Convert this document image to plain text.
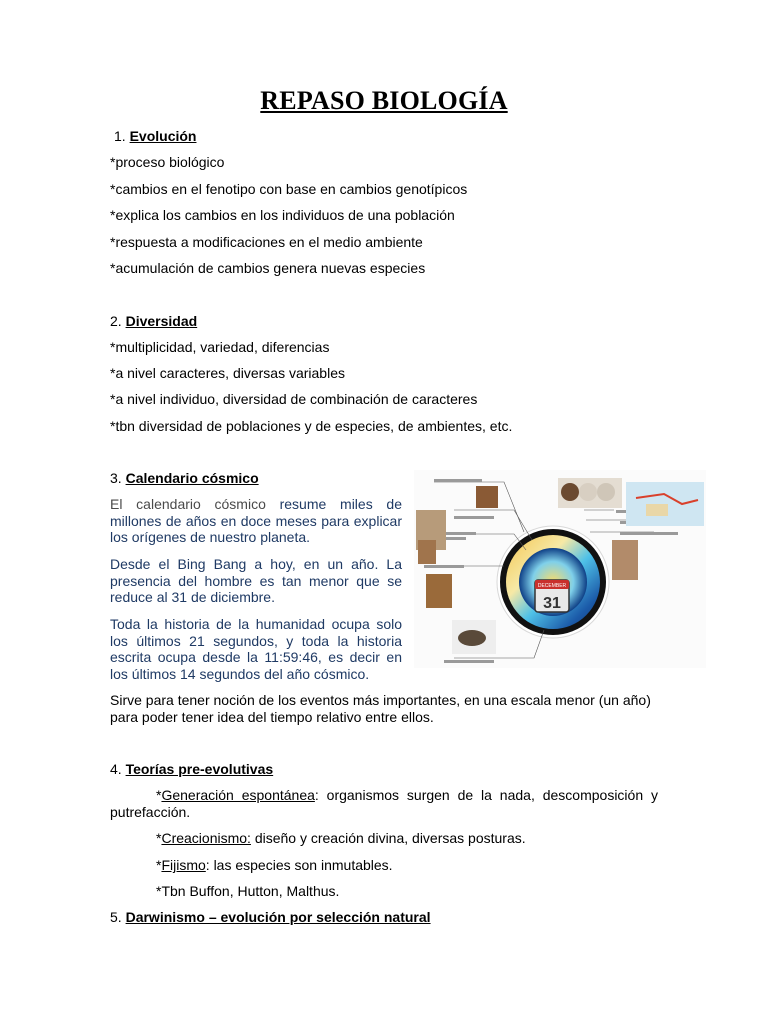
REPASO BIOLOGÍA
1. Evolución
*proceso biológico
*cambios en el fenotipo con base en cambios genotípicos
*explica los cambios en los individuos de una población
*respuesta a modificaciones en el medio ambiente
*acumulación de cambios genera nuevas especies
2. Diversidad
*multiplicidad, variedad, diferencias
*a nivel caracteres, diversas variables
*a nivel individuo, diversidad de combinación de caracteres
*tbn diversidad de poblaciones y de especies, de ambientes, etc.
3. Calendario cósmico
El calendario cósmico resume miles de millones de años en doce meses para explicar los orígenes de nuestro planeta.
Desde el Bing Bang a hoy, en un año. La presencia del hombre es tan menor que se reduce al 31 de diciembre.
Toda la historia de la humanidad ocupa solo los últimos 21 segundos, y toda la historia escrita ocupa desde la 11:59:46, es decir en los últimos 14 segundos del año cósmico.
Sirve para tener noción de los eventos más importantes, en una escala menor (un año) para poder tener idea del tiempo relativo entre ellos.
DECEMBER
31
4. Teorías pre-evolutivas
*Generación espontánea: organismos surgen de la nada, descomposición y putrefacción.
*Creacionismo: diseño y creación divina, diversas posturas.
*Fijismo: las especies son inmutables.
*Tbn Buffon, Hutton, Malthus.
5. Darwinismo – evolución por selección natural
